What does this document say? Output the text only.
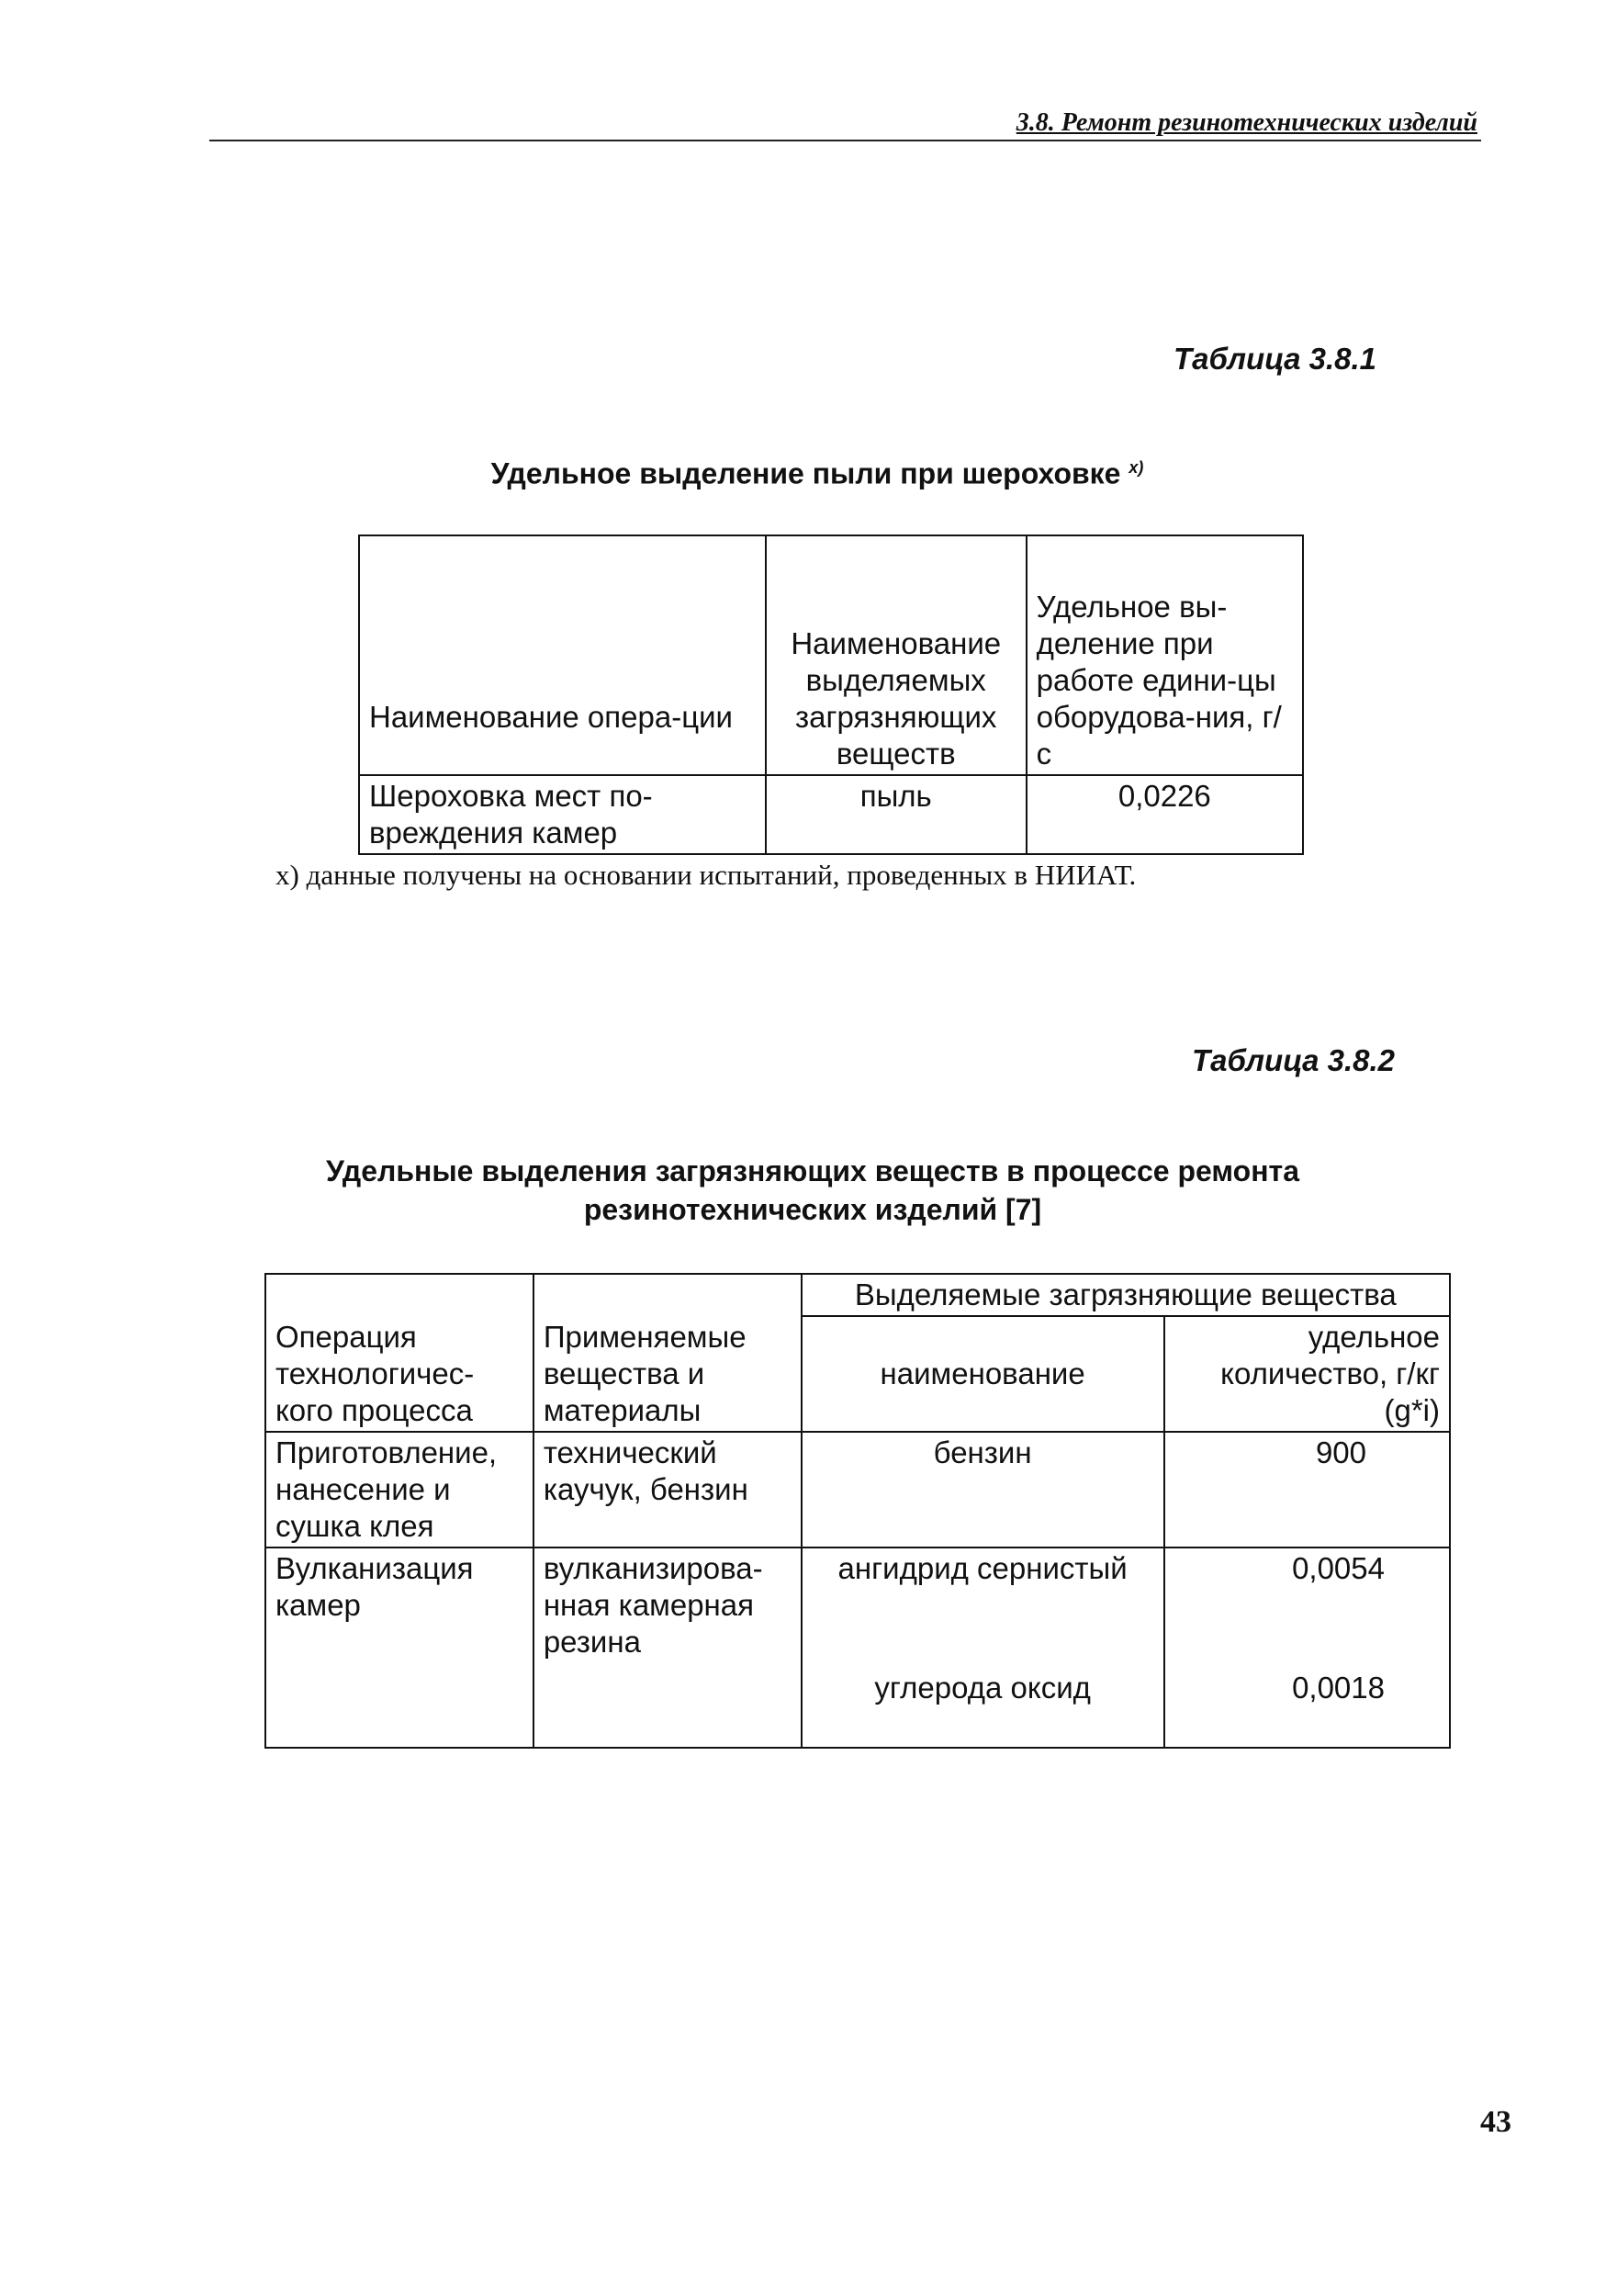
3.8. Ремонт резинотехнических изделий
Таблица 3.8.1
Удельное выделение пыли при шероховке $^{x)}$
Наименование опера-ции	Наименование выделяемых загрязняющих веществ	Удельное вы-деление при работе едини-цы оборудова-ния, г/с
Шероховка мест по-вреждения камер	пыль	0,0226
х) данные получены на основании испытаний, проведенных в НИИАТ.
Таблица 3.8.2
Удельные выделения загрязняющих веществ в процессе ремонта
резинотехнических изделий [7]
Операция технологичес-кого процесса	Применяемые вещества и материалы	Выделяемые загрязняющие вещества	
		наименование	удельное количество, г/кг (g*i)
Приготовление, нанесение и сушка клея	технический каучук, бензин	бензин	900
Вулканизация камер	вулканизирова-нная камерная резина	ангидрид сернистый	0,0054
		углерода оксид	0,0018
43
